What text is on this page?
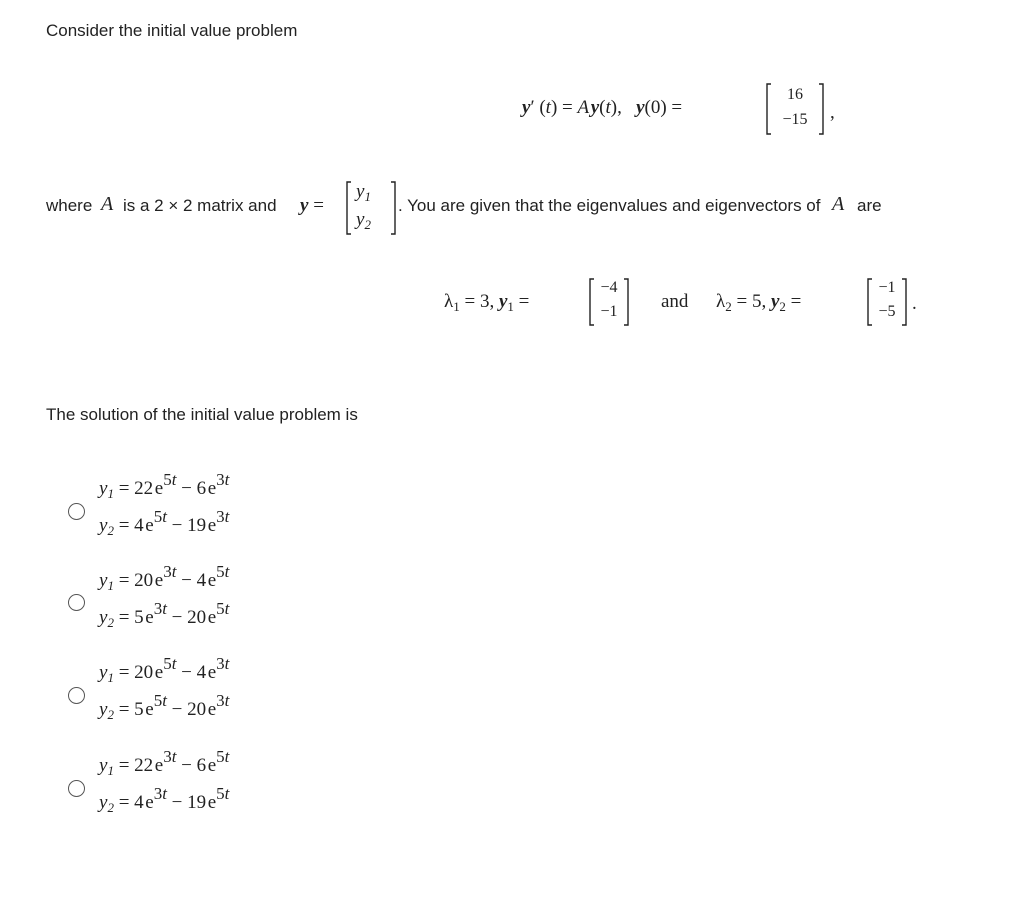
Consider the initial value problem
y′ (t) = A y(t),   y(0) =
16
−15	,
where A is a 2 × 2 matrix and y =
$y_1$
$y_2$
. You are given that the eigenvalues and eigenvectors of A are
$\lambda_1 = 3$, $y_1$ =
−4
−1	and $\lambda_2 = 5$, $y_2$ =
−1
−5 .
The solution of the initial value problem is
$y_1 = 22$ $e^{5t} - 6$ $e^{3t}$
$y_2 = 4$ $e^{5t} - 19$ $e^{3t}$
$y_1 = 20$ $e^{3t} - 4$ $e^{5t}$
$y_2 = 5$ $e^{3t} - 20$ $e^{5t}$
$y_1 = 20$ $e^{5t} - 4$ $e^{3t}$
$y_2 = 5$ $e^{5t} - 20$ $e^{3t}$
$y_1 = 22$ $e^{3t} - 6$ $e^{5t}$
$y_2 = 4$ $e^{3t} - 19$ $e^{5t}$
